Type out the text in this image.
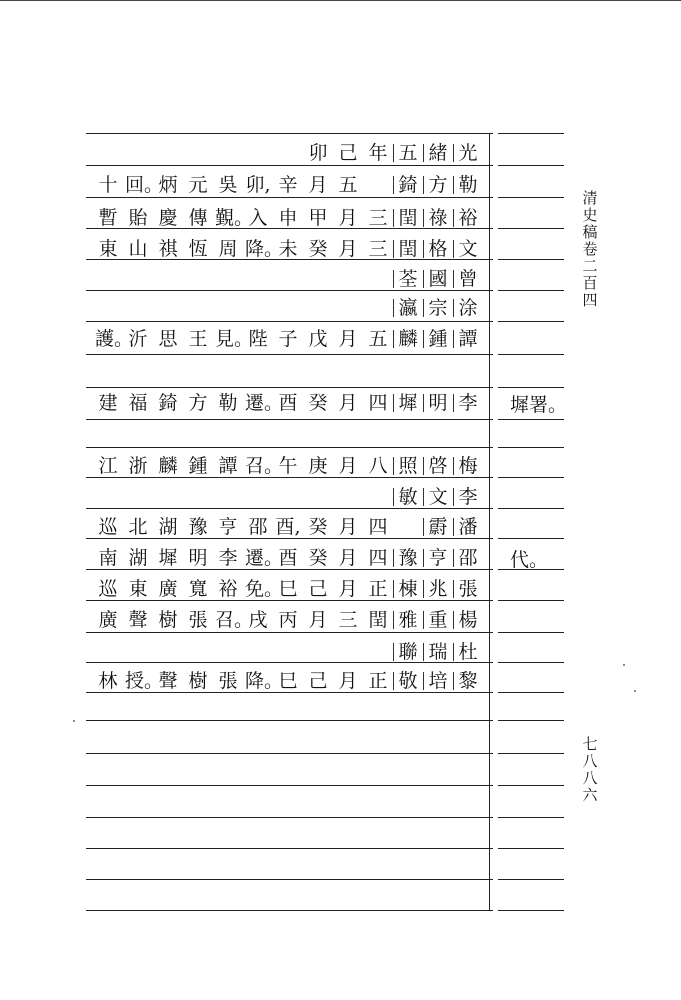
光
緒
五
年
己
卯
勒
方
錡
五
月
辛
卯,
吳
元
炳
回。
十
裕
祿
閏
三
月
甲
申
入
覲。
傳
慶
貽
暫
文
格
閏
三
月
癸
未
降。
周
恆
祺
山
東
曾
國
荃
涂
宗
瀛
譚
鍾
麟
五
月
戊
子
陛
見。
王
思
沂
護。
李
明
墀
四
月
癸
酉
遷。
勒
方
錡
福
建
梅
啓
照
八
月
庚
午
召。
譚
鍾
麟
浙
江
李
文
敏
潘
霨
四
月
癸
酉,
邵
亨
豫
湖
北
巡
邵
亨
豫
四
月
癸
酉
遷。
李
明
墀
湖
南
張
兆
棟
正
月
己
巳
免。
裕
寬
廣
東
巡
楊
重
雅
閏
三
月
丙
戌
召。
張
樹
聲
廣
杜
瑞
聯
黎
培
敬
正
月
己
巳
降。
張
樹
聲
授。
林
墀署。
代。
清
史
稿
卷
二
百
四
七
八
八
六
